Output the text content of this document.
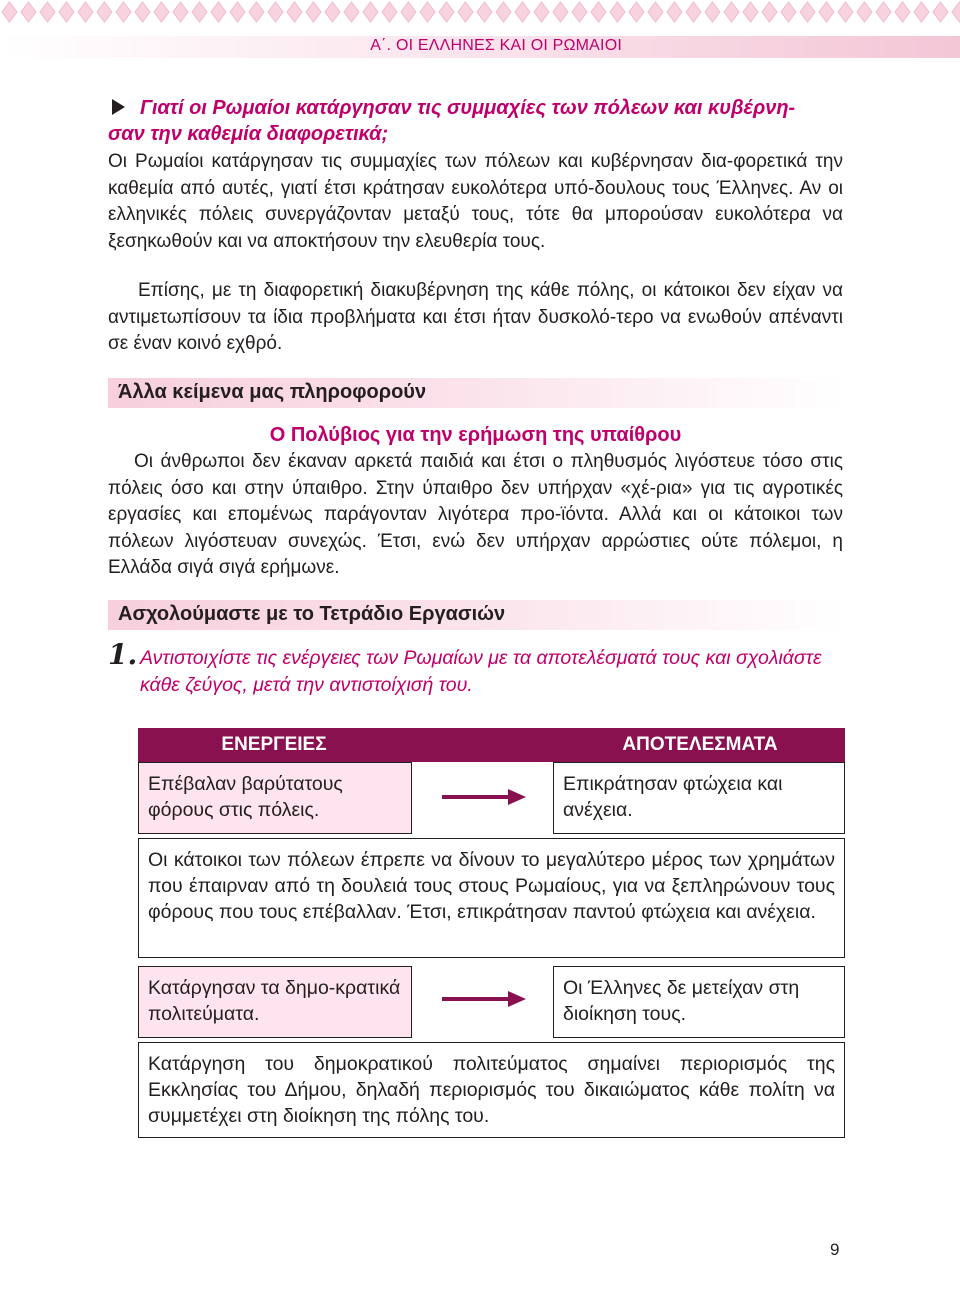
Α΄. ΟΙ ΕΛΛΗΝΕΣ ΚΑΙ ΟΙ ΡΩΜΑΙΟΙ
Γιατί οι Ρωμαίοι κατάργησαν τις συμμαχίες των πόλεων και κυβέρνη-
σαν την καθεμία διαφορετικά;

Οι Ρωμαίοι κατάργησαν τις συμμαχίες των πόλεων και κυβέρνησαν δια-φορετικά την καθεμία από αυτές, γιατί έτσι κράτησαν ευκολότερα υπό-δουλους τους Έλληνες. Αν οι ελληνικές πόλεις συνεργάζονταν μεταξύ τους, τότε θα μπορούσαν ευκολότερα να ξεσηκωθούν και να αποκτήσουν την ελευθερία τους.

Επίσης, με τη διαφορετική διακυβέρνηση της κάθε πόλης, οι κάτοικοι δεν είχαν να αντιμετωπίσουν τα ίδια προβλήματα και έτσι ήταν δυσκολό-τερο να ενωθούν απέναντι σε έναν κοινό εχθρό.

Άλλα κείμενα μας πληροφορούν
Ο Πολύβιος για την ερήμωση της υπαίθρου

Οι άνθρωποι δεν έκαναν αρκετά παιδιά και έτσι ο πληθυσμός λιγόστευε τόσο στις πόλεις όσο και στην ύπαιθρο. Στην ύπαιθρο δεν υπήρχαν «χέ-ρια» για τις αγροτικές εργασίες και επομένως παράγονταν λιγότερα προ-ϊόντα. Αλλά και οι κάτοικοι των πόλεων λιγόστευαν συνεχώς. Έτσι, ενώ δεν υπήρχαν αρρώστιες ούτε πόλεμοι, η Ελλάδα σιγά σιγά ερήμωνε.

Ασχολούμαστε με το Τετράδιο Εργασιών
1. Αντιστοιχίστε τις ενέργειες των Ρωμαίων με τα αποτελέσματά τους και σχολιάστε κάθε ζεύγος, μετά την αντιστοίχισή του.

ΕΝΕΡΓΕΙΕΣ	ΑΠΟΤΕΛΕΣΜΑΤΑ
Επέβαλαν βαρύτατους φόρους στις πόλεις.
Επικράτησαν φτώχεια και ανέχεια.
Οι κάτοικοι των πόλεων έπρεπε να δίνουν το μεγαλύτερο μέρος των χρημάτων που έπαιρναν από τη δουλειά τους στους Ρωμαίους, για να ξεπληρώνουν τους φόρους που τους επέβαλλαν. Έτσι, επικράτησαν παντού φτώχεια και ανέχεια.
Κατάργησαν τα δημο-κρατικά πολιτεύματα.
Οι Έλληνες δε μετείχαν στη διοίκηση τους.
Κατάργηση του δημοκρατικού πολιτεύματος σημαίνει περιορισμός της Εκκλησίας του Δήμου, δηλαδή περιορισμός του δικαιώματος κάθε πολίτη να συμμετέχει στη διοίκηση της πόλης του.
9
